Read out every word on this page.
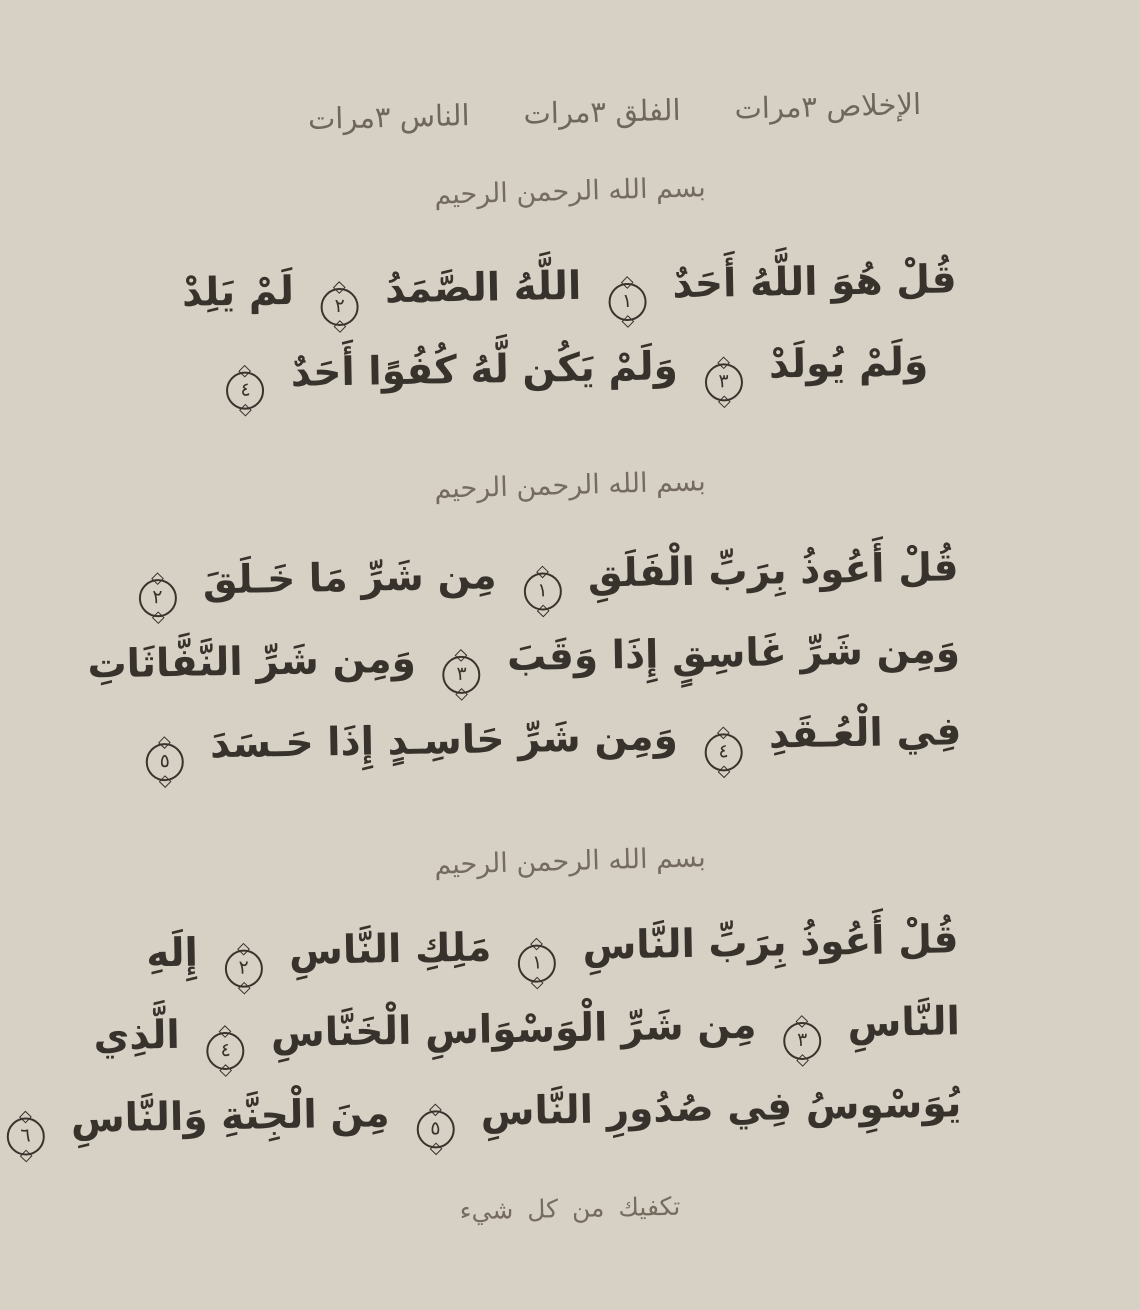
الإخلاص ٣مرات
الفلق ٣مرات
الناس ٣مرات
بسم الله الرحمن الرحيم
قُلْ هُوَ اللَّهُ أَحَدٌ ١ اللَّهُ الصَّمَدُ ٢ لَمْ يَلِدْ
وَلَمْ يُولَدْ ٣ وَلَمْ يَكُن لَّهُ كُفُوًا أَحَدٌ ٤
بسم الله الرحمن الرحيم
قُلْ أَعُوذُ بِرَبِّ الْفَلَقِ ١ مِن شَرِّ مَا خَـلَقَ ٢
وَمِن شَرِّ غَاسِقٍ إِذَا وَقَبَ ٣ وَمِن شَرِّ النَّفَّاثَاتِ
فِي الْعُـقَدِ ٤ وَمِن شَرِّ حَاسِـدٍ إِذَا حَـسَدَ ٥
بسم الله الرحمن الرحيم
قُلْ أَعُوذُ بِرَبِّ النَّاسِ ١ مَلِكِ النَّاسِ ٢ إِلَهِ
النَّاسِ ٣ مِن شَرِّ الْوَسْوَاسِ الْخَنَّاسِ ٤ الَّذِي
يُوَسْوِسُ فِي صُدُورِ النَّاسِ ٥ مِنَ الْجِنَّةِ وَالنَّاسِ ٦
تكفيك من كل شيء
